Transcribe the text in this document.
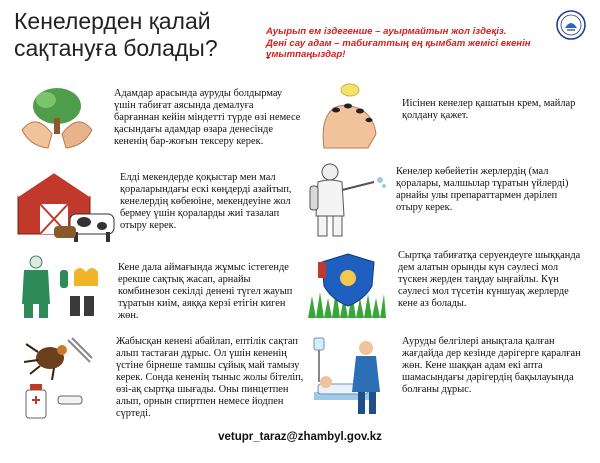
Кенелерден қалай
сақтануға болады?
Ауырып ем іздегенше – ауырмайтын жол іздеқіз.
Дені сау адам – табиғаттың ең қымбат жемісі екенін
ұмытпаңыздар!
Адамдар арасында ауруды болдырмау
үшін табиғат аясында демалуға
барғаннан кейін міндетті түрде өзі немесе
қасындағы адамдар өзара денесінде
кененің бар-жоғын тексеру керек.
Иісінен кенелер қашатын крем, майлар
қолдану қажет.
Елді мекендерде қоқыстар мен мал
қораларындағы ескі көңдерді азайтып,
кенелердің көбеюіне, мекендеуіне жол
бермеу үшін қораларды жиі тазалап
отыру керек.
Кенелер көбейетін жерлердің (мал
қоралары, малшылар тұратын үйлерді)
арнайы улы препараттармен дәрілеп
отыру керек.
Кене дала аймағында жұмыс істегенде
ерекше сақтық жасап, арнайы
комбинезон секілді денені түгел жауып
тұратын киім, аяққа керзі етігін киген
жөн.
Сыртқа табиғатқа серуендеуге шыққанда
дем алатын орынды күн сәулесі мол
түскен жерден таңдау ыңғайлы. Күн
сәулесі мол түсетін күншуақ жерлерде
кене аз болады.
Жабысқан кенені абайлап, ептілік сақтап
алып тастаған дұрыс. Ол үшін кененің
үстіне бірнеше тамшы сұйық май тамызу
керек. Сонда кененің тыныс жолы бітеліп,
өзі-ақ сыртқа шығады. Оны пинцетпен
алып, орнын спиртпен немесе йодпен
сүртеді.
Ауруды белгілері анықтала қалған
жағдайда дер кезінде дәрігерге қаралған
жөн. Кене шаққан адам екі апта
шамасындағы дәрігердің бақылауында
болғаны дұрыс.
vetupr_taraz@zhambyl.gov.kz
